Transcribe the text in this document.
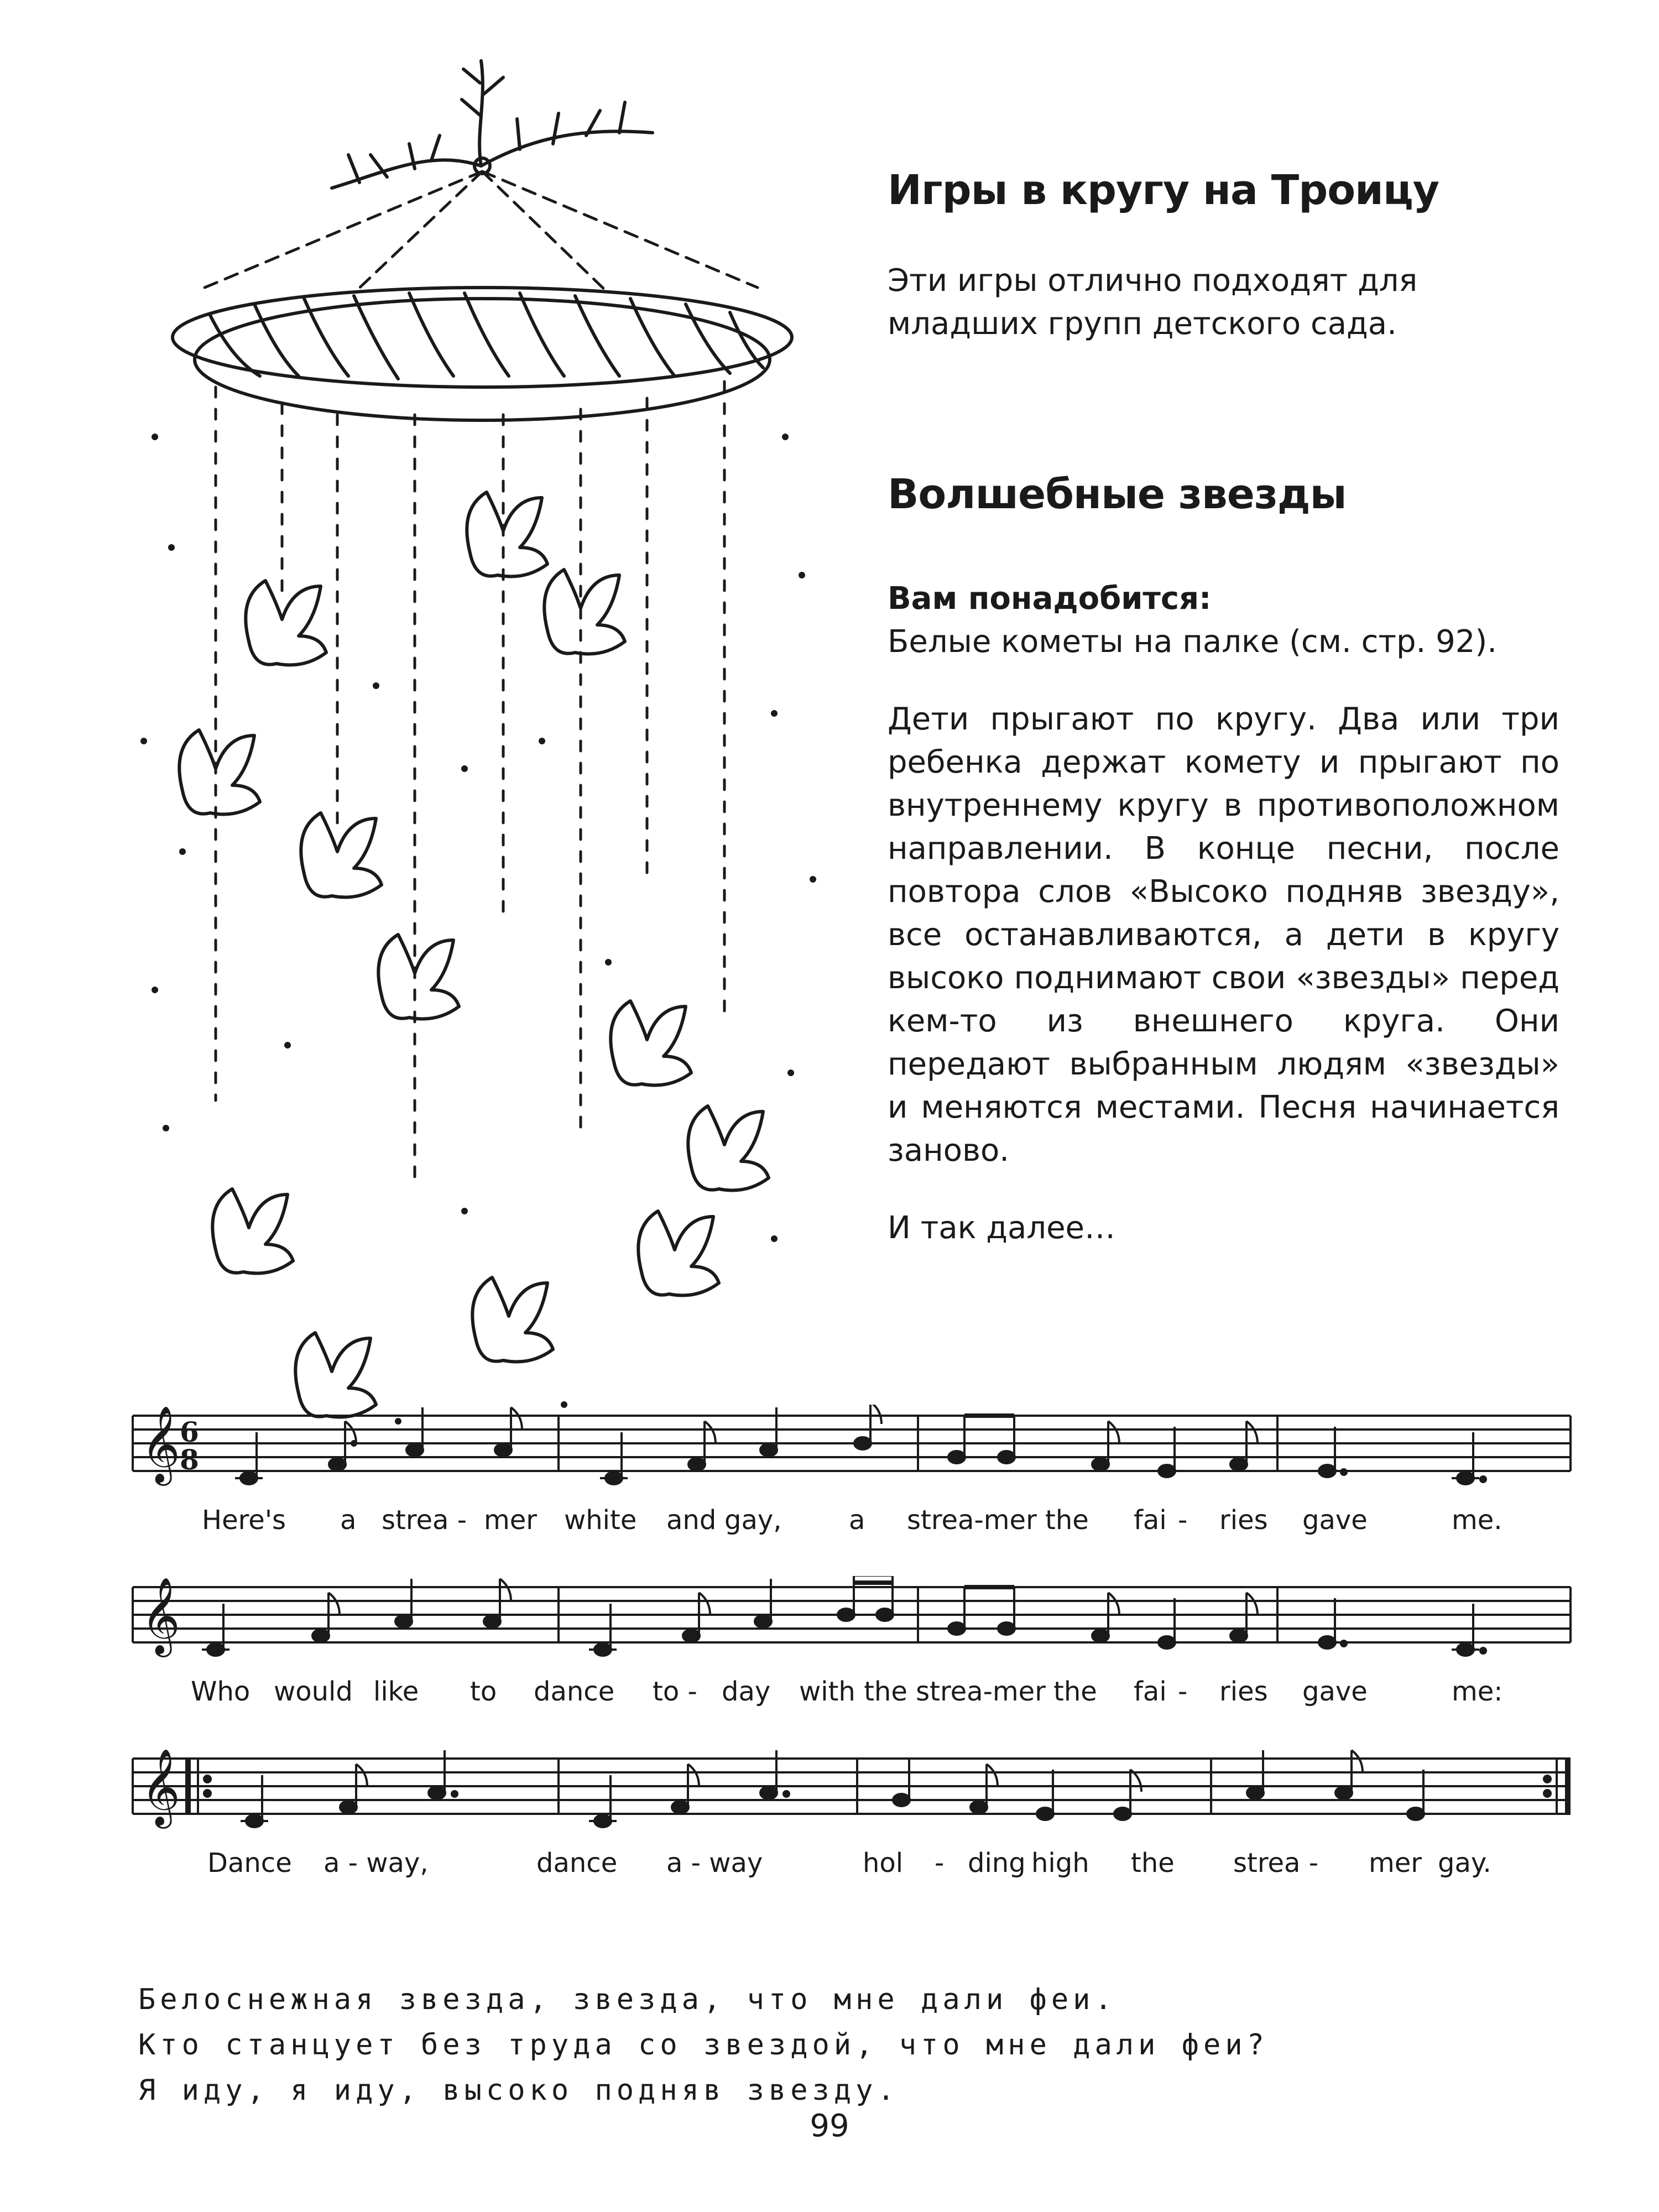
Игры в кругу на Троицу

Эти игры отлично подходят для младших групп детского сада.

Волшебные звезды

Вам понадобится:

Белые кометы на палке (см. стр. 92).

Дети прыгают по кругу. Два или три ребенка держат комету и прыгают по внутреннему кругу в противоположном направлении. В конце песни, после повтора слов «Высоко подняв звезду», все останавливаются, а дети в кругу высоко поднимают свои «звезды» перед кем-то из внешнего круга. Они передают выбранным людям «звезды» и меняются местами. Песня начинается заново.

И так далее…

𝄞 6
8
Here's a strea - mer white and gay,	a strea-mer the fai - ries gave	me.
𝄞
Who would like to dance to - day with the strea-mer the fai - ries gave	me:
𝄞
Dance a - way,	dance a - way	hol - ding high the strea - mer gay.
Белоснежная звезда, звезда, что мне дали феи.
Кто станцует без труда со звездой, что мне дали феи?
Я иду, я иду, высоко подняв звезду.
99
